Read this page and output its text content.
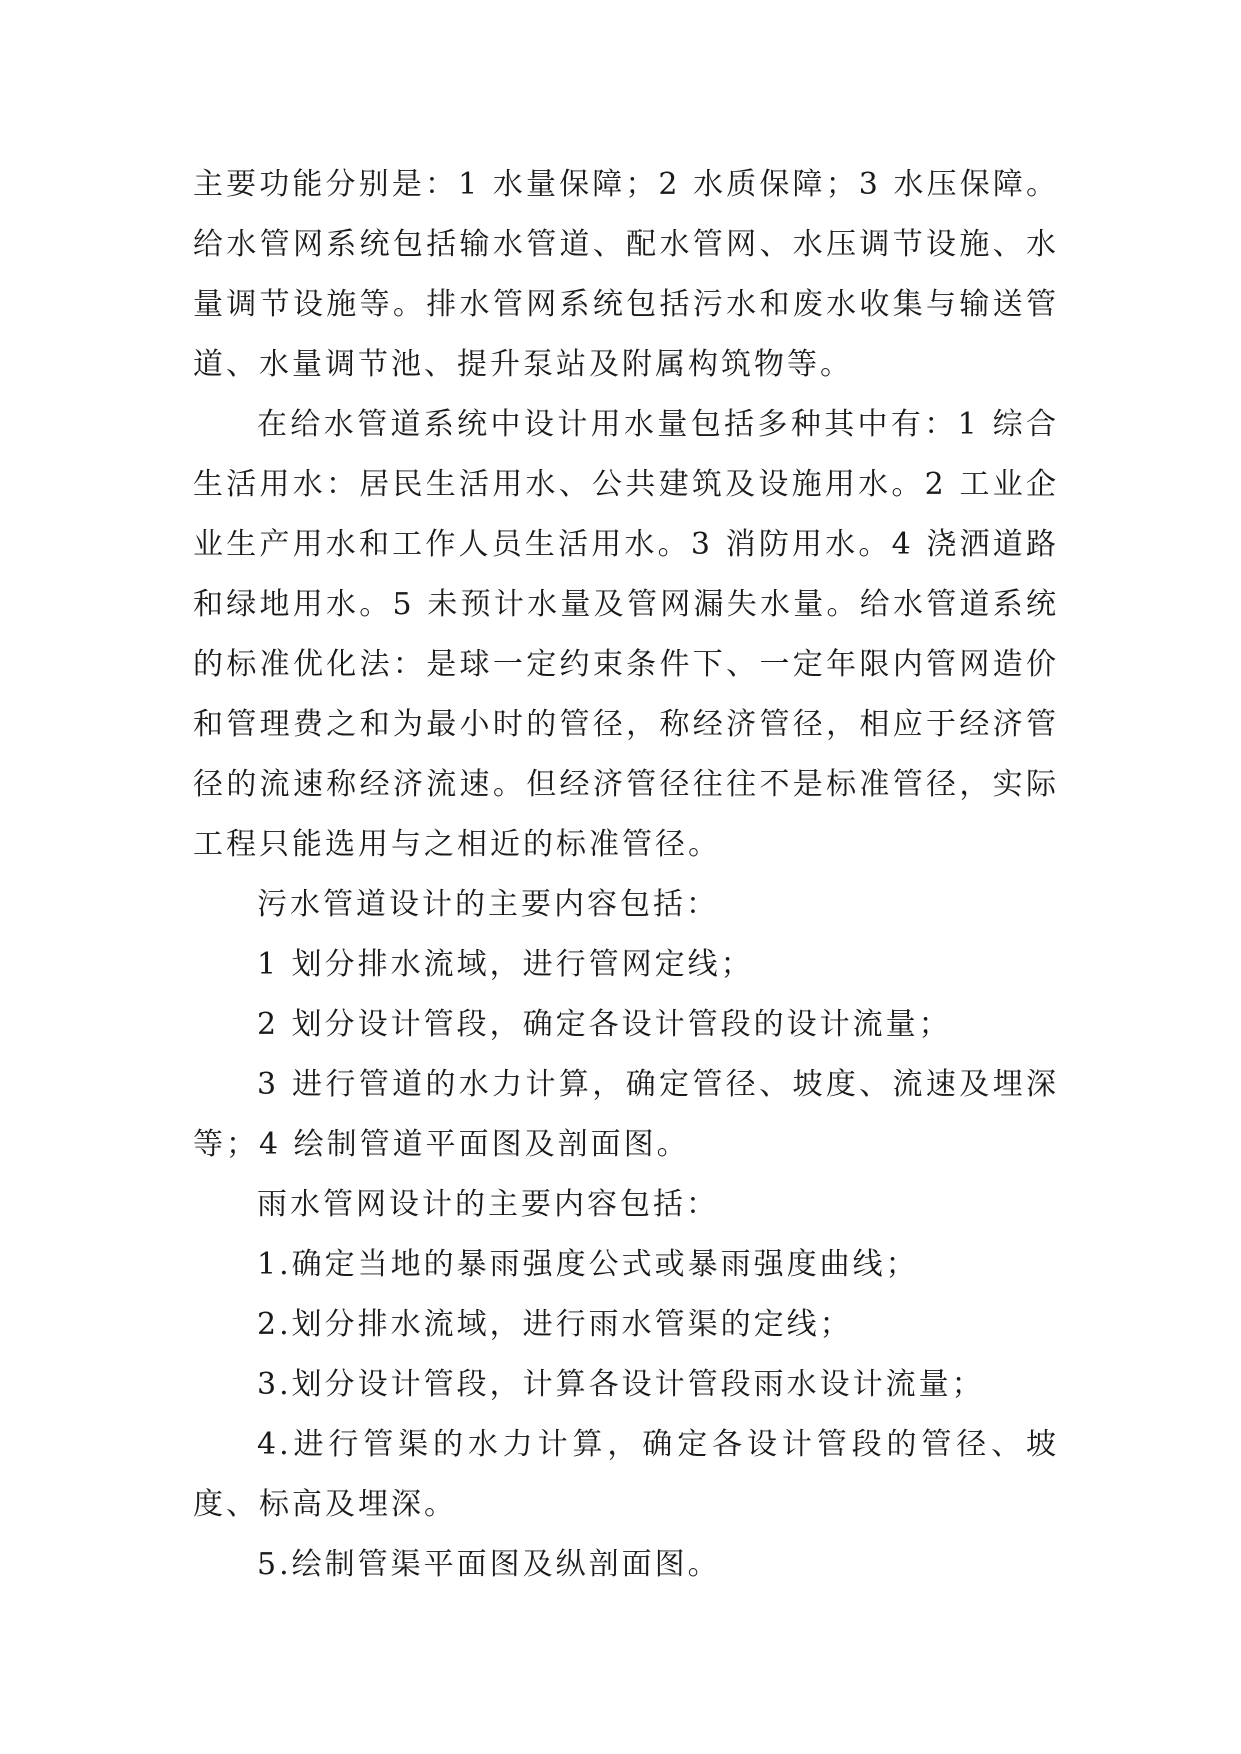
主要功能分别是：1 水量保障；2 水质保障；3 水压保障。给水管网系统包括输水管道、配水管网、水压调节设施、水量调节设施等。排水管网系统包括污水和废水收集与输送管道、水量调节池、提升泵站及附属构筑物等。

在给水管道系统中设计用水量包括多种其中有：1 综合生活用水：居民生活用水、公共建筑及设施用水。2 工业企业生产用水和工作人员生活用水。3 消防用水。4 浇洒道路和绿地用水。5 未预计水量及管网漏失水量。给水管道系统的标准优化法：是球一定约束条件下、一定年限内管网造价和管理费之和为最小时的管径，称经济管径，相应于经济管径的流速称经济流速。但经济管径往往不是标准管径，实际工程只能选用与之相近的标准管径。

污水管道设计的主要内容包括：

1 划分排水流域，进行管网定线；

2 划分设计管段，确定各设计管段的设计流量；

3 进行管道的水力计算，确定管径、坡度、流速及埋深等；4 绘制管道平面图及剖面图。

雨水管网设计的主要内容包括：

1.确定当地的暴雨强度公式或暴雨强度曲线；

2.划分排水流域，进行雨水管渠的定线；

3.划分设计管段，计算各设计管段雨水设计流量；

4.进行管渠的水力计算，确定各设计管段的管径、坡度、标高及埋深。

5.绘制管渠平面图及纵剖面图。
